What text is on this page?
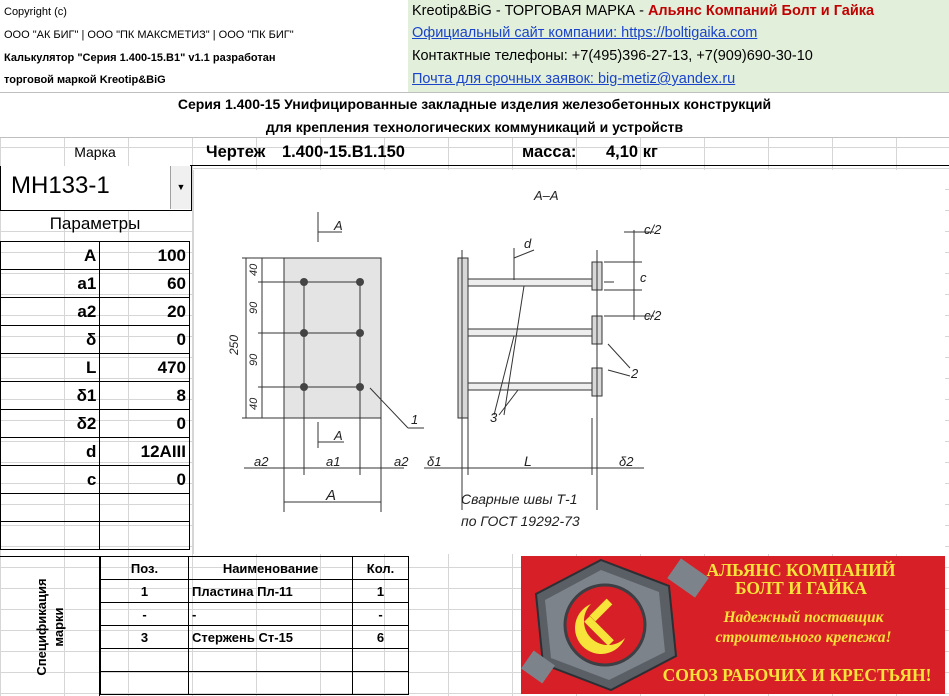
Copyright (c)
ООО "АК БИГ" | ООО "ПК МАКСМЕТИЗ" | ООО "ПК БИГ"
Калькулятор "Серия 1.400-15.В1" v1.1 разработан
торговой маркой Kreotip&BiG
Kreotip&BiG - ТОРГОВАЯ МАРКА - Альянс Компаний Болт и Гайка
Официальный сайт компании: https://boltigaika.com
Контактные телефоны: +7(495)396-27-13, +7(909)690-30-10
Почта для срочных заявок: big-metiz@yandex.ru
Серия 1.400-15 Унифицированные закладные изделия железобетонных конструкций
для крепления технологических коммуникаций и устройств
Марка
МН133-1	▼
Параметры
A	100
a1	60
a2	20
δ	0
L	470
δ1	8
δ2	0
d	12AIII
c	0

Чертеж 1.400-15.В1.150	масса: 4,10 кг
A–A
A
A
A
a1
a2	a2 δ1	δ2
L
d
c/2
c/2
c
250
40
90
90
40
1
2
3
Сварные швы Т-1
по ГОСТ 19292-73
Спецификация марки
Поз.	Наименование	Кол.
1	Пластина Пл-11	1
-	-	-
3	Стержень Ст-15	6

АЛЬЯНС КОМПАНИЙ
БОЛТ И ГАЙКА
Надежный поставщик
строительного крепежа!
СОЮЗ РАБОЧИХ И КРЕСТЬЯН!
